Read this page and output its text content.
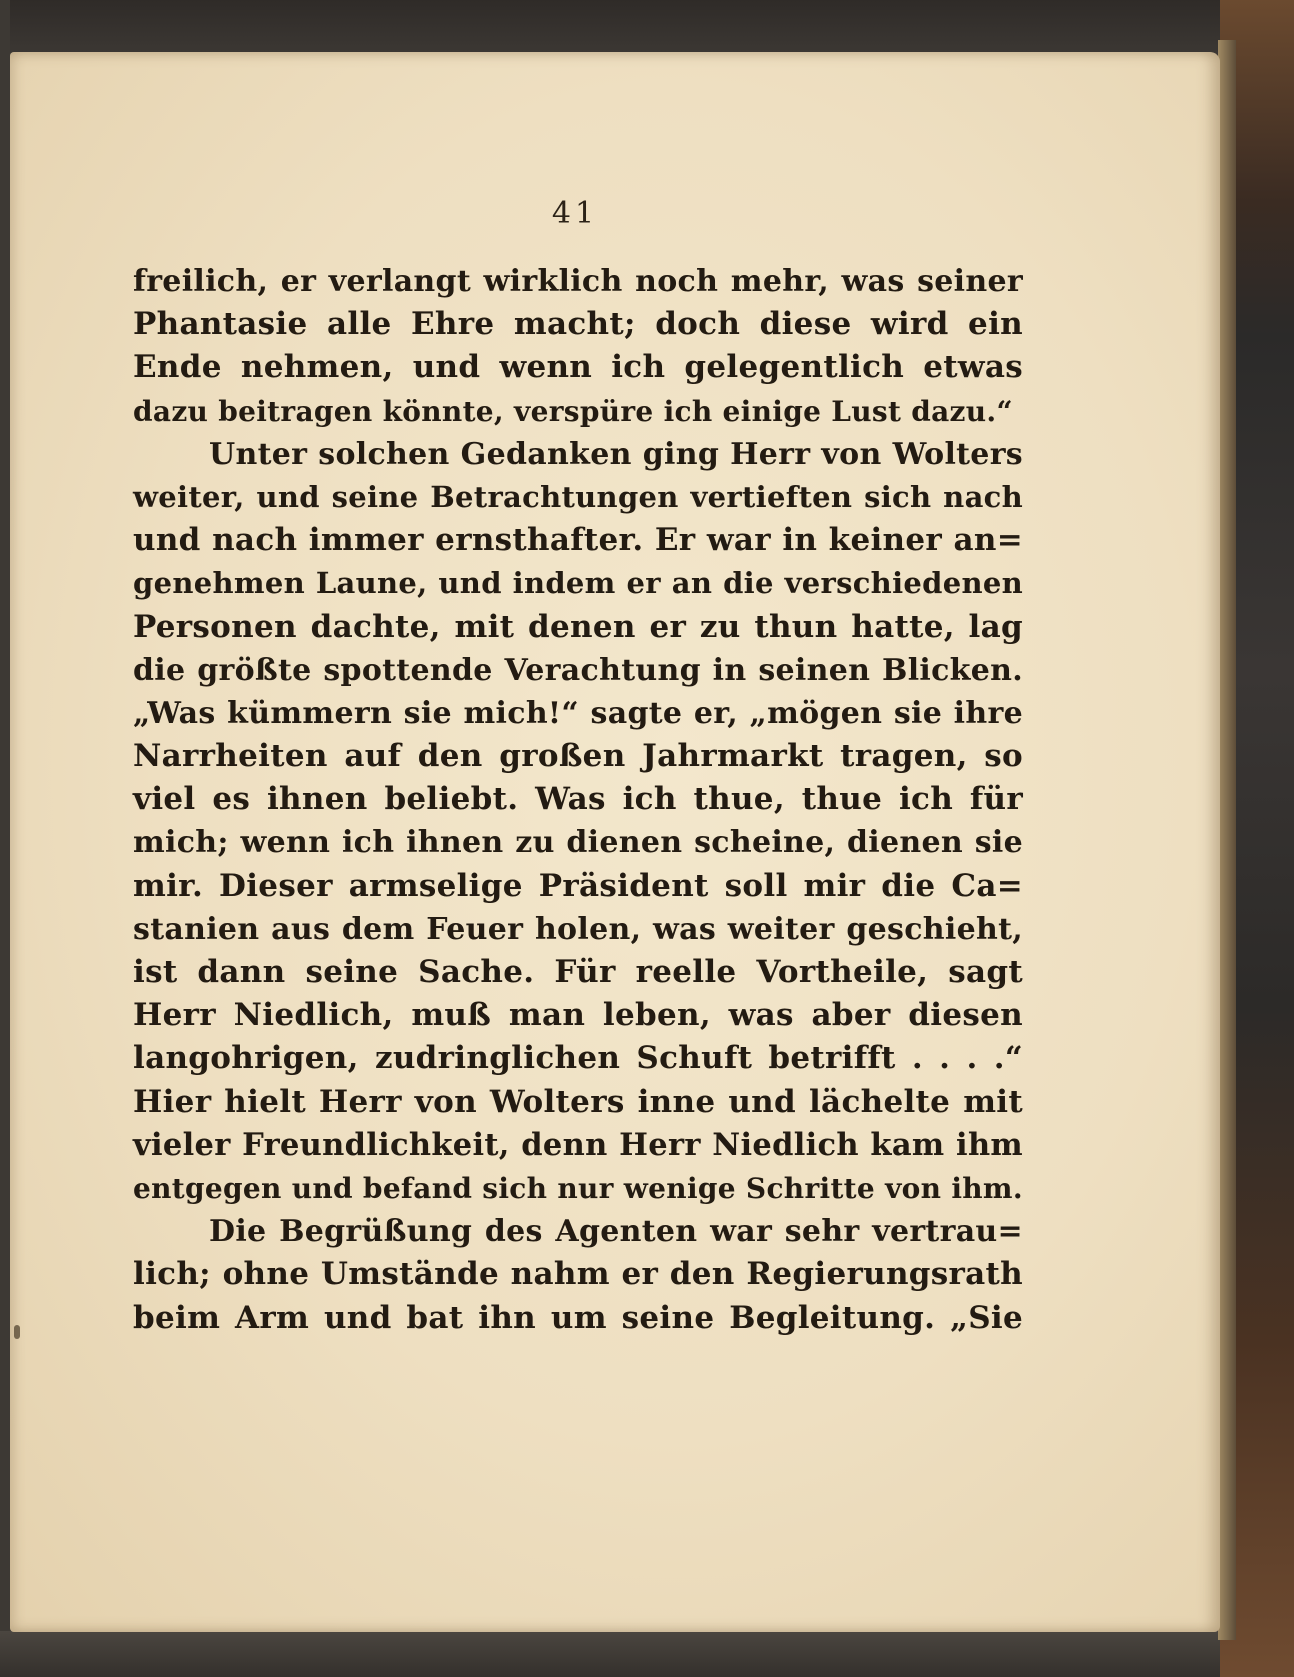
41
freilich, er verlangt wirklich noch mehr, was seiner
Phantasie alle Ehre macht; doch diese wird ein
Ende nehmen, und wenn ich gelegentlich etwas
dazu beitragen könnte, verspüre ich einige Lust dazu.“
Unter solchen Gedanken ging Herr von Wolters
weiter, und seine Betrachtungen vertieften sich nach
und nach immer ernsthafter. Er war in keiner an=
genehmen Laune, und indem er an die verschiedenen
Personen dachte, mit denen er zu thun hatte, lag
die größte spottende Verachtung in seinen Blicken.
„Was kümmern sie mich!“ sagte er, „mögen sie ihre
Narrheiten auf den großen Jahrmarkt tragen, so
viel es ihnen beliebt. Was ich thue, thue ich für
mich; wenn ich ihnen zu dienen scheine, dienen sie
mir. Dieser armselige Präsident soll mir die Ca=
stanien aus dem Feuer holen, was weiter geschieht,
ist dann seine Sache. Für reelle Vortheile, sagt
Herr Niedlich, muß man leben, was aber diesen
langohrigen, zudringlichen Schuft betrifft . . . .“
Hier hielt Herr von Wolters inne und lächelte mit
vieler Freundlichkeit, denn Herr Niedlich kam ihm
entgegen und befand sich nur wenige Schritte von ihm.
Die Begrüßung des Agenten war sehr vertrau=
lich; ohne Umstände nahm er den Regierungsrath
beim Arm und bat ihn um seine Begleitung. „Sie
